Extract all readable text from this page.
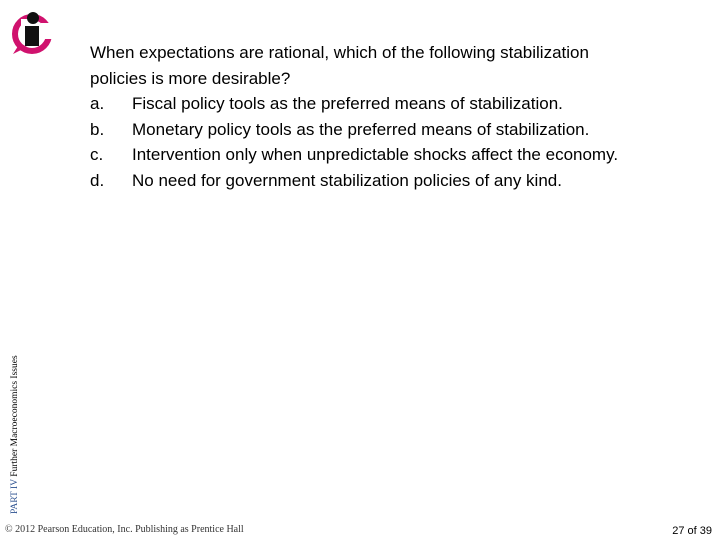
When expectations are rational, which of the following stabilization
policies is more desirable?
a.	Fiscal policy tools as the preferred means of stabilization.
b.	Monetary policy tools as the preferred means of stabilization.
c.	Intervention only when unpredictable shocks affect the economy.
d.	No need for government stabilization policies of any kind.
PART IV Further Macroeconomics Issues
© 2012 Pearson Education, Inc. Publishing as Prentice Hall	27 of 39
